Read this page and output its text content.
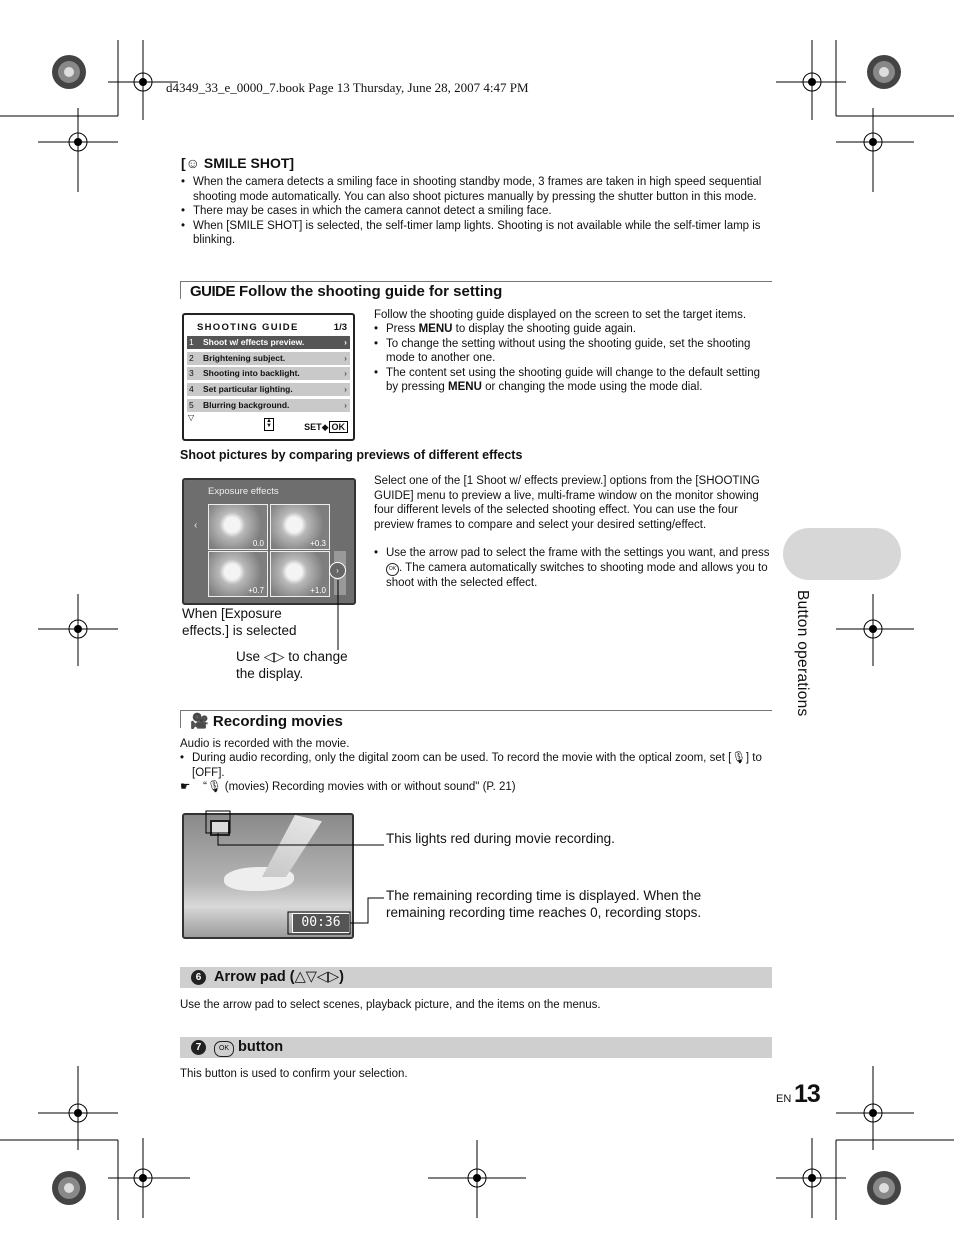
d4349_33_e_0000_7.book Page 13 Thursday, June 28, 2007 4:47 PM
[☺ SMILE SHOT]
• When the camera detects a smiling face in shooting standby mode, 3 frames are taken in high speed sequential shooting mode automatically. You can also shoot pictures manually by pressing the shutter button in this mode.
• There may be cases in which the camera cannot detect a smiling face.
• When [SMILE SHOT] is selected, the self-timer lamp lights. Shooting is not available while the self-timer lamp is blinking.
GUIDE Follow the shooting guide for setting
SHOOTING GUIDE	1/3
1 Shoot w/ effects preview.	›
2 Brightening subject.	›
3 Shooting into backlight.	›
4 Set particular lighting.	›
5 Blurring background.	›
▽	▲
▼	SET◆ OK
Follow the shooting guide displayed on the screen to set the target items.
• Press MENU to display the shooting guide again.
• To change the setting without using the shooting guide, set the shooting mode to another one.
• The content set using the shooting guide will change to the default setting by pressing MENU or changing the mode using the mode dial.
Shoot pictures by comparing previews of different effects
Exposure effects
‹
0.0	+0.3
+0.7	+1.0
›
When [Exposure effects.] is selected
Use ◁▷ to change the display.
Select one of the [1 Shoot w/ effects preview.] options from the [SHOOTING GUIDE] menu to preview a live, multi-frame window on the monitor showing four different levels of the selected shooting effect. You can use the four preview frames to compare and select your desired setting/effect.
• Use the arrow pad to select the frame with the settings you want, and press OK . The camera automatically switches to shooting mode and allows you to shoot with the selected effect.
🎥 Recording movies
Audio is recorded with the movie.
• During audio recording, only the digital zoom can be used. To record the movie with the optical zoom, set [🎙] to [OFF].
☛    “🎙 (movies) Recording movies with or without sound" (P. 21)
00:36
This lights red during movie recording.
The remaining recording time is displayed. When the remaining recording time reaches 0, recording stops.
6 Arrow pad (△▽◁▷)
Use the arrow pad to select scenes, playback picture, and the items on the menus.
7	OK button
This button is used to confirm your selection.
Button operations
EN 13
